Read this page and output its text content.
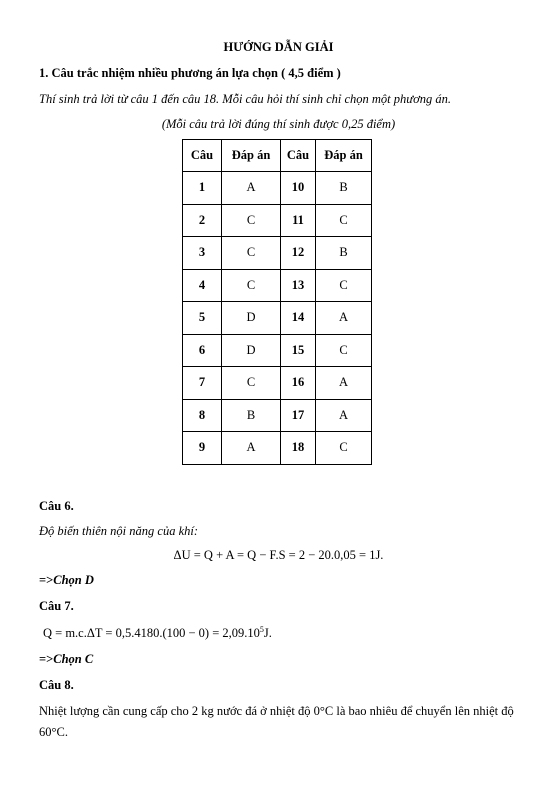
HƯỚNG DẪN GIẢI
1. Câu trắc nhiệm nhiều phương án lựa chọn ( 4,5 điểm )
Thí sinh trả lời từ câu 1 đến câu 18. Mỗi câu hỏi thí sinh chỉ chọn một phương án.
(Mỗi câu trả lời đúng thí sinh được 0,25 điểm)
Câu	Đáp án	Câu	Đáp án
1	A	10	B
2	C	11	C
3	C	12	B
4	C	13	C
5	D	14	A
6	D	15	C
7	C	16	A
8	B	17	A
9	A	18	C
Câu 6.
Độ biến thiên nội năng của khí:
ΔU = Q + A = Q − F.S = 2 − 20.0,05 = 1J.
=>Chọn D
Câu 7.
$Q = m.c.\Delta T = 0,5.4180.(100 - 0) = 2,09.10^5J$.
=>Chọn C
Câu 8.
Nhiệt lượng cần cung cấp cho 2 kg nước đá ở nhiệt độ 0°C là bao nhiêu để chuyển lên nhiệt độ 60°C.
